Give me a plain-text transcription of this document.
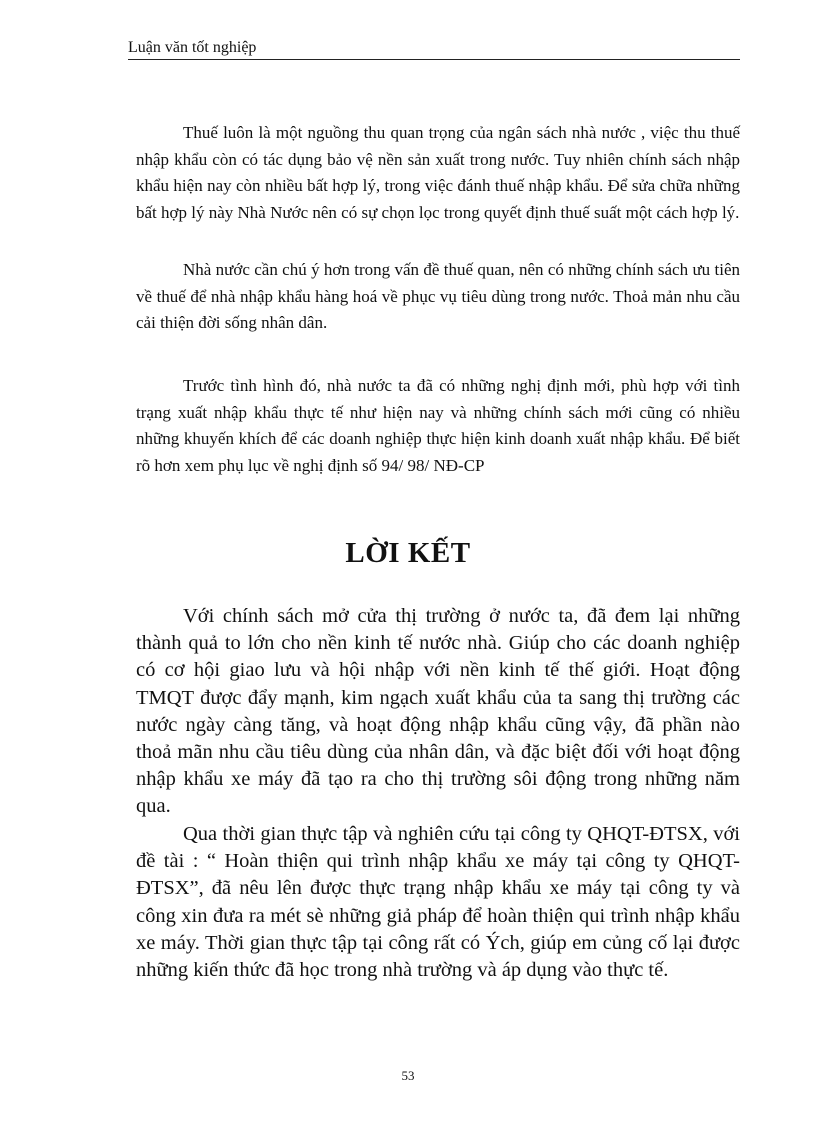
Luận văn tốt nghiệp

Thuế luôn là một nguồng thu quan trọng của ngân sách nhà nước , việc thu thuế nhập khẩu còn có tác dụng bảo vệ nền sản xuất trong nước. Tuy nhiên chính sách nhập khẩu hiện nay còn nhiều bất hợp lý, trong việc đánh thuế nhập khẩu. Để sửa chữa những bất hợp lý này Nhà Nước nên có sự chọn lọc trong quyết định thuế suất một cách hợp lý.

Nhà nước cần chú ý hơn trong vấn đề thuế quan, nên có những chính sách ưu tiên về thuế để nhà nhập khẩu hàng hoá về phục vụ tiêu dùng trong nước. Thoả mản nhu cầu cải thiện đời sống nhân dân.

Trước tình hình đó, nhà nước ta đã có những nghị định mới, phù hợp với tình trạng xuất nhập khẩu thực tế như hiện nay và những chính sách mới cũng có nhiều những khuyến khích để các doanh nghiệp thực hiện kinh doanh xuất nhập khẩu. Để biết rõ hơn xem phụ lục về nghị định số 94/ 98/ NĐ-CP

LỜI KẾT

Với chính sách mở cửa thị trường ở nước ta, đã đem lại những thành quả to lớn cho nền kinh tế nước nhà. Giúp cho các doanh nghiệp có cơ hội giao lưu và hội nhập với nền kinh tế thế giới. Hoạt động TMQT được đẩy mạnh, kim ngạch xuất khẩu của ta sang thị trường các nước ngày càng tăng, và hoạt động nhập khẩu cũng vậy, đã phần nào thoả mãn nhu cầu tiêu dùng của nhân dân, và đặc biệt đối với hoạt động nhập khẩu xe máy đã tạo ra cho thị trường sôi động trong những năm qua.

Qua thời gian thực tập và nghiên cứu tại công ty QHQT-ĐTSX, với đề tài : “ Hoàn thiện qui trình nhập khẩu xe máy tại công ty QHQT-ĐTSX”, đã nêu lên được thực trạng nhập khẩu xe máy tại công ty và công xin đưa ra mét sè những giả pháp để hoàn thiện qui trình nhập khẩu xe máy. Thời gian thực tập tại công rất có Ých, giúp em củng cố lại được những kiến thức đã học trong nhà trường và áp dụng vào thực tế.

53
